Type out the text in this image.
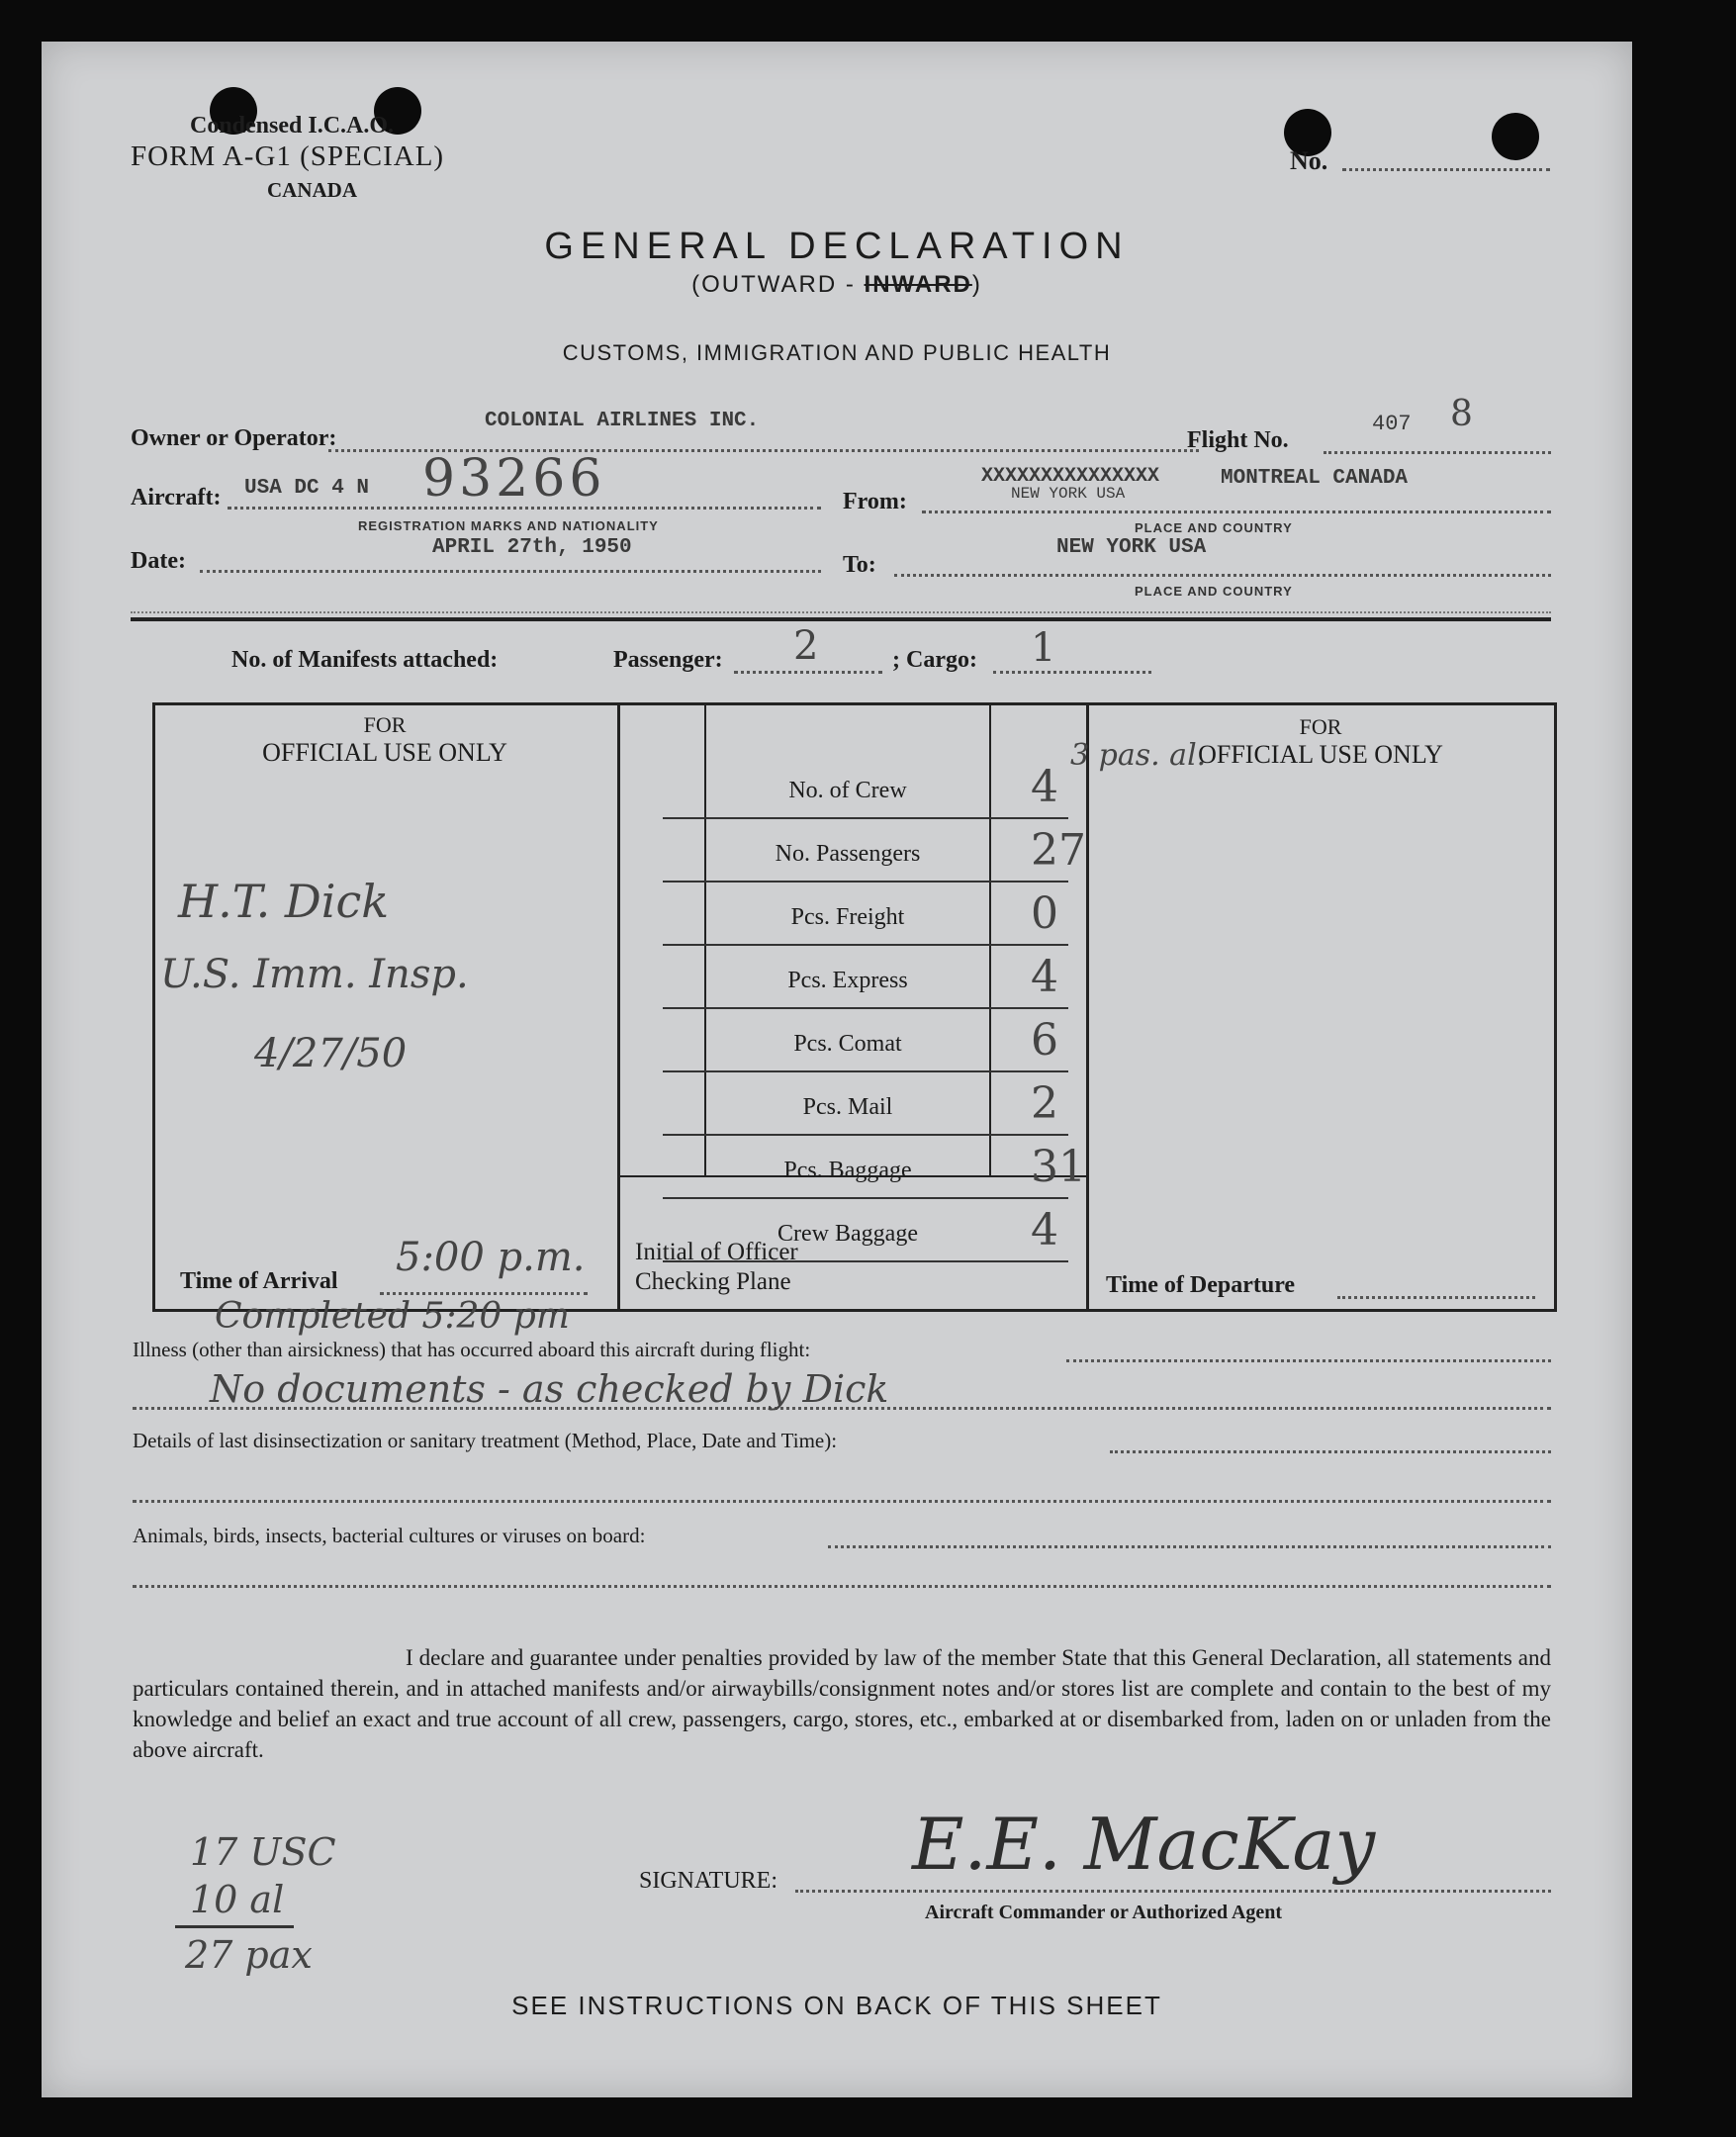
Condensed I.C.A.O.
FORM A-G1 (SPECIAL)
CANADA
No.
GENERAL DECLARATION
(OUTWARD - INWARD)
CUSTOMS, IMMIGRATION AND PUBLIC HEALTH
Owner or Operator:
COLONIAL AIRLINES INC.
Flight No.
407 8
Aircraft: USA DC 4 N 93266
REGISTRATION MARKS AND NATIONALITY
From:
XXXXXXXXXXXXXXX
NEW YORK USA
MONTREAL CANADA
PLACE AND COUNTRY
Date:
APRIL 27th, 1950
To:
NEW YORK USA
PLACE AND COUNTRY
No. of Manifests attached:	Passenger: 2	; Cargo: 1
FOR
OFFICIAL USE ONLY
H.T. Dick
U.S. Imm. Insp.
4/27/50
Time of Arrival
5:00 p.m.
No. of Crew	4
3 pas. al.
No. Passengers	27
Pcs. Freight	0
Pcs. Express	4
Pcs. Comat	6
Pcs. Mail	2
Pcs. Baggage	31
Crew Baggage	4
Initial of Officer
Checking Plane
FOR
OFFICIAL USE ONLY
Time of Departure
Completed 5:20 pm
Illness (other than airsickness) that has occurred aboard this aircraft during flight:
No documents - as checked by Dick
Details of last disinsectization or sanitary treatment (Method, Place, Date and Time):
Animals, birds, insects, bacterial cultures or viruses on board:
I declare and guarantee under penalties provided by law of the member State that this General Declaration, all statements and particulars contained therein, and in attached manifests and/or airwaybills/consignment notes and/or stores list are complete and contain to the best of my knowledge and belief an exact and true account of all crew, passengers, cargo, stores, etc., embarked at or disembarked from, laden on or unladen from the above aircraft.
17 USC
10 al
27 pax
SIGNATURE: E.E. MacKay
Aircraft Commander or Authorized Agent
SEE INSTRUCTIONS ON BACK OF THIS SHEET
